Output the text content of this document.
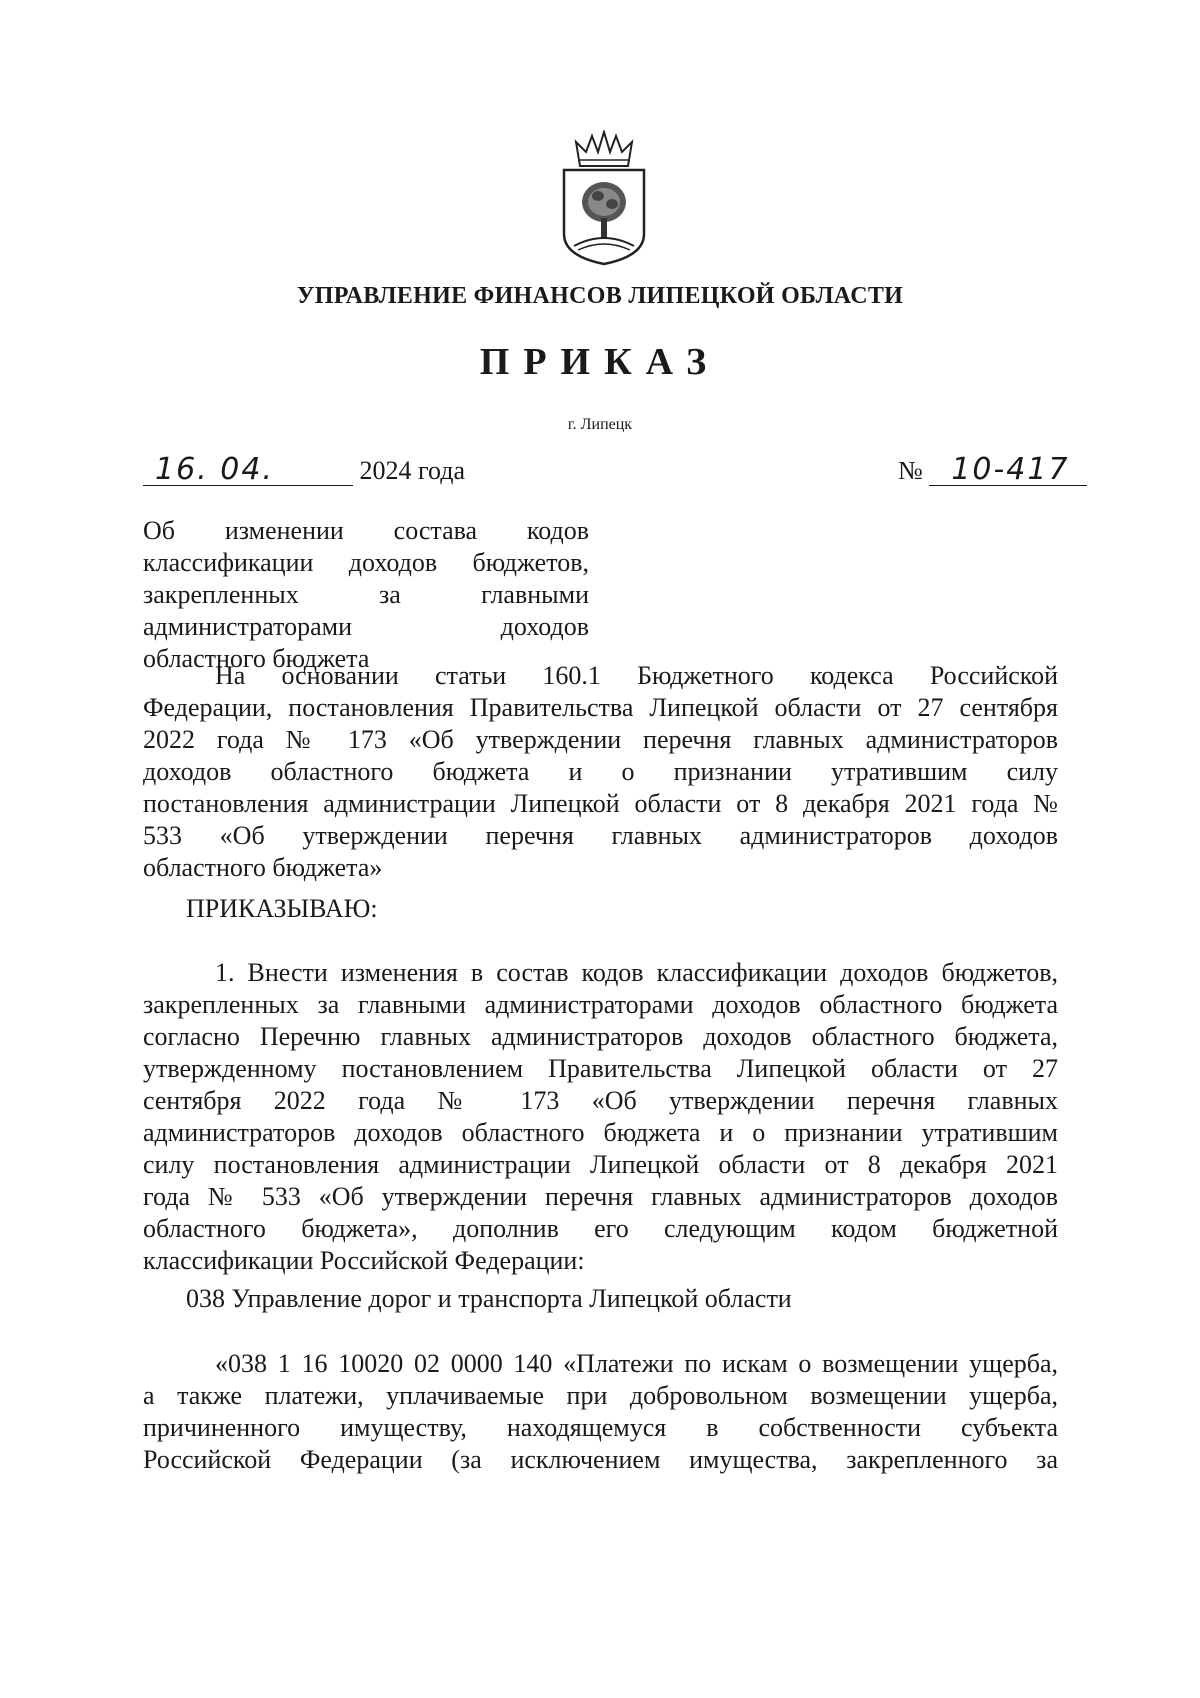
УПРАВЛЕНИЕ ФИНАНСОВ ЛИПЕЦКОЙ ОБЛАСТИ
ПРИКАЗ
г. Липецк
16. 04.	2024 года	№ 10-417
Об изменении состава кодов
классификации доходов бюджетов,
закрепленных за главными
администраторами доходов
областного бюджета
На основании статьи 160.1 Бюджетного кодекса Российской
Федерации, постановления Правительства Липецкой области от 27 сентября
2022 года № 173 «Об утверждении перечня главных администраторов
доходов областного бюджета и о признании утратившим силу
постановления администрации Липецкой области от 8 декабря 2021 года №
533 «Об утверждении перечня главных администраторов доходов
областного бюджета»
ПРИКАЗЫВАЮ:
1. Внести изменения в состав кодов классификации доходов бюджетов,
закрепленных за главными администраторами доходов областного бюджета
согласно Перечню главных администраторов доходов областного бюджета,
утвержденному постановлением Правительства Липецкой области от 27
сентября 2022 года № 173 «Об утверждении перечня главных
администраторов доходов областного бюджета и о признании утратившим
силу постановления администрации Липецкой области от 8 декабря 2021
года № 533 «Об утверждении перечня главных администраторов доходов
областного бюджета», дополнив его следующим кодом бюджетной
классификации Российской Федерации:
038 Управление дорог и транспорта Липецкой области
«038 1 16 10020 02 0000 140 «Платежи по искам о возмещении ущерба,
а также платежи, уплачиваемые при добровольном возмещении ущерба,
причиненного имуществу, находящемуся в собственности субъекта
Российской Федерации (за исключением имущества, закрепленного за
